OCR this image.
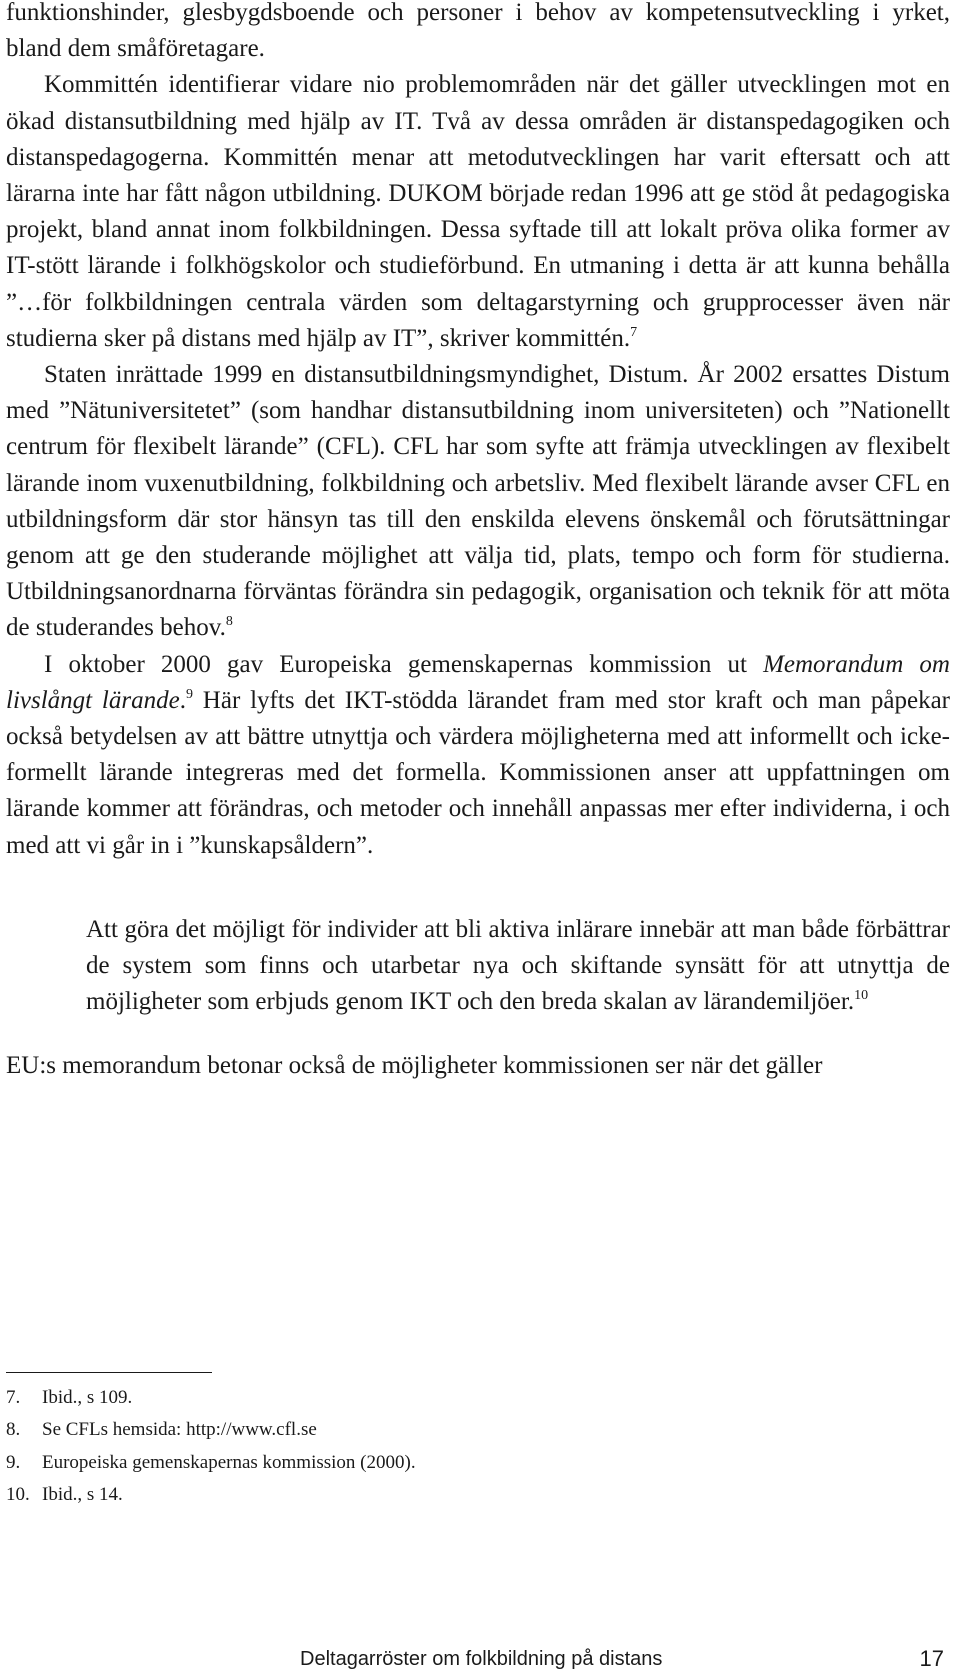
funktionshinder, glesbygdsboende och personer i behov av kompetensutveckling i yrket, bland dem småföretagare.

Kommittén identifierar vidare nio problemområden när det gäller utvecklingen mot en ökad distansutbildning med hjälp av IT. Två av dessa områden är distanspedagogiken och distanspedagogerna. Kommittén menar att metodutvecklingen har varit eftersatt och att lärarna inte har fått någon utbildning. DUKOM började redan 1996 att ge stöd åt pedagogiska projekt, bland annat inom folkbildningen. Dessa syftade till att lokalt pröva olika former av IT-stött lärande i folkhögskolor och studieförbund. En utmaning i detta är att kunna behålla ”…för folkbildningen centrala värden som deltagarstyrning och grupprocesser även när studierna sker på distans med hjälp av IT”, skriver kommittén.$^7$

Staten inrättade 1999 en distansutbildningsmyndighet, Distum. År 2002 ersattes Distum med ”Nätuniversitetet” (som handhar distansutbildning inom universiteten) och ”Nationellt centrum för flexibelt lärande” (CFL). CFL har som syfte att främja utvecklingen av flexibelt lärande inom vuxenutbildning, folkbildning och arbetsliv. Med flexibelt lärande avser CFL en utbildningsform där stor hänsyn tas till den enskilda elevens önskemål och förutsättningar genom att ge den studerande möjlighet att välja tid, plats, tempo och form för studierna. Utbildningsanordnarna förväntas förändra sin pedagogik, organisation och teknik för att möta de studerandes behov.$^8$

I oktober 2000 gav Europeiska gemenskapernas kommission ut Memorandum om livslångt lärande.$^9$ Här lyfts det IKT-stödda lärandet fram med stor kraft och man påpekar också betydelsen av att bättre utnyttja och värdera möjligheterna med att informellt och icke-formellt lärande integreras med det formella. Kommissionen anser att uppfattningen om lärande kommer att förändras, och metoder och innehåll anpassas mer efter individerna, i och med att vi går in i ”kunskapsåldern”.

Att göra det möjligt för individer att bli aktiva inlärare innebär att man både förbättrar de system som finns och utarbetar nya och skiftande synsätt för att utnyttja de möjligheter som erbjuds genom IKT och den breda skalan av lärandemiljöer.$^{10}$

EU:s memorandum betonar också de möjligheter kommissionen ser när det gäller

7.	Ibid., s 109.
8.	Se CFLs hemsida: http://www.cfl.se
9.	Europeiska gemenskapernas kommission (2000).
10. Ibid., s 14.
Deltagarröster om folkbildning på distans	17
